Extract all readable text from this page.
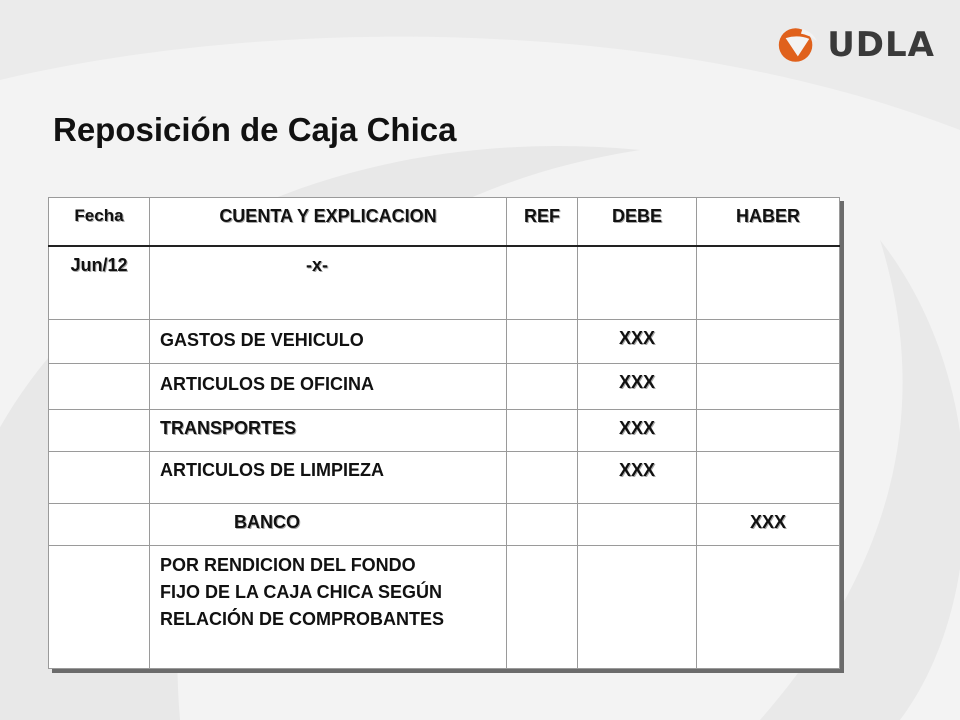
UDLA
Reposición de Caja Chica
Fecha	CUENTA Y EXPLICACION	REF	DEBE	HABER

Jun/12	-x-			

	GASTOS DE VEHICULO		XXX	

	ARTICULOS DE OFICINA		XXX	

	TRANSPORTES		XXX	

	ARTICULOS DE LIMPIEZA		XXX	

	BANCO			XXX

	POR RENDICION DEL FONDO FIJO DE LA CAJA CHICA SEGÚN RELACIÓ́N DE COMPROBANTES			
